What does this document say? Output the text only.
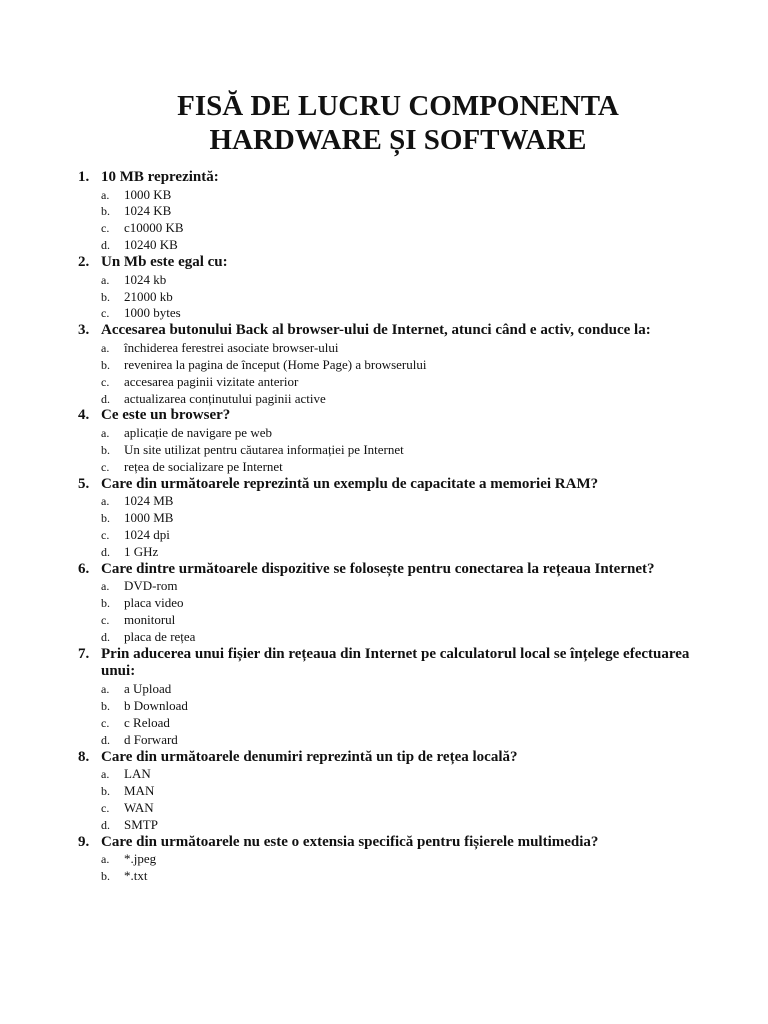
FISĂ DE LUCRU COMPONENTA
HARDWARE ȘI SOFTWARE
1. 10 MB reprezintă:
a. 1000 KB
b. 1024 KB
c. c10000 KB
d. 10240 KB
2. Un Mb este egal cu:
a. 1024 kb
b. 21000 kb
c. 1000 bytes
3. Accesarea butonului Back al browser-ului de Internet, atunci când e activ, conduce la:
a. închiderea ferestrei asociate browser-ului
b. revenirea la pagina de început (Home Page) a browserului
c. accesarea paginii vizitate anterior
d. actualizarea conținutului paginii active
4. Ce este un browser?
a. aplicație de navigare pe web
b. Un site utilizat pentru căutarea informației pe Internet
c. rețea de socializare pe Internet
5. Care din următoarele reprezintă un exemplu de capacitate a memoriei RAM?
a. 1024 MB
b. 1000 MB
c. 1024 dpi
d. 1 GHz
6. Care dintre următoarele dispozitive se folosește pentru conectarea la rețeaua Internet?
a. DVD-rom
b. placa video
c. monitorul
d. placa de rețea
7. Prin aducerea unui fișier din rețeaua din Internet pe calculatorul local se înțelege efectuarea unui:
a. a Upload
b. b Download
c. c Reload
d. d Forward
8. Care din următoarele denumiri reprezintă un tip de rețea locală?
a. LAN
b. MAN
c. WAN
d. SMTP
9. Care din următoarele nu este o extensia specifică pentru fișierele multimedia?
a. *.jpeg
b. *.txt
